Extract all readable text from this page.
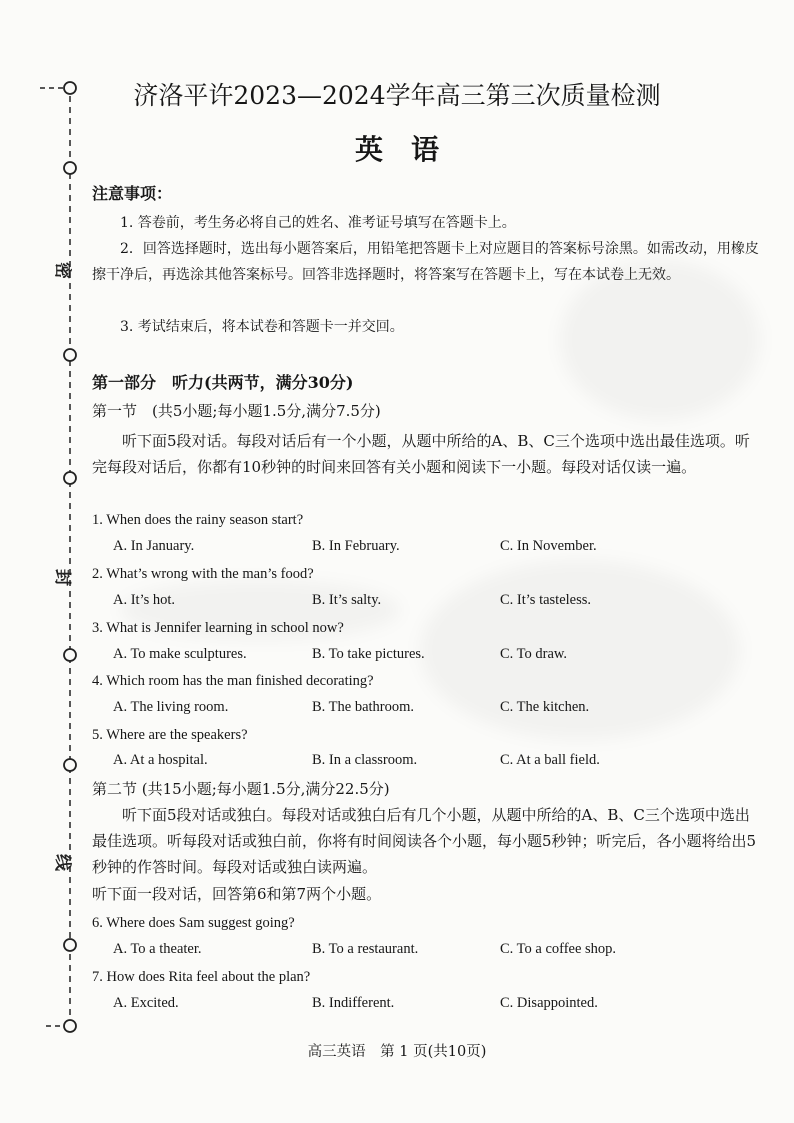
密
封
线
济洛平许2023—2024学年高三第三次质量检测
英语
注意事项：
1. 答卷前，考生务必将自己的姓名、准考证号填写在答题卡上。
2．回答选择题时，选出每小题答案后，用铅笔把答题卡上对应题目的答案标号涂黑。如需改动，用橡皮擦干净后，再选涂其他答案标号。回答非选择题时，将答案写在答题卡上，写在本试卷上无效。
3. 考试结束后，将本试卷和答题卡一并交回。
第一部分　听力(共两节，满分30分)
第一节　(共5小题;每小题1.5分,满分7.5分)
听下面5段对话。每段对话后有一个小题，从题中所给的A、B、C三个选项中选出最佳选项。听完每段对话后，你都有10秒钟的时间来回答有关小题和阅读下一小题。每段对话仅读一遍。
1. When does the rainy season start?
A. In January.	B. In February.	C. In November.
2. What’s wrong with the man’s food?
A. It’s hot.	B. It’s salty.	C. It’s tasteless.
3. What is Jennifer learning in school now?
A. To make sculptures.	B. To take pictures.	C. To draw.
4. Which room has the man finished decorating?
A. The living room.	B. The bathroom.	C. The kitchen.
5. Where are the speakers?
A. At a hospital.	B. In a classroom.	C. At a ball field.
第二节 (共15小题;每小题1.5分,满分22.5分)
听下面5段对话或独白。每段对话或独白后有几个小题，从题中所给的A、B、C三个选项中选出最佳选项。听每段对话或独白前，你将有时间阅读各个小题，每小题5秒钟；听完后，各小题将给出5秒钟的作答时间。每段对话或独白读两遍。
听下面一段对话，回答第6和第7两个小题。
6. Where does Sam suggest going?
A. To a theater.	B. To a restaurant.	C. To a coffee shop.
7. How does Rita feel about the plan?
A. Excited.	B. Indifferent.	C. Disappointed.
高三英语　第 1 页(共10页)
